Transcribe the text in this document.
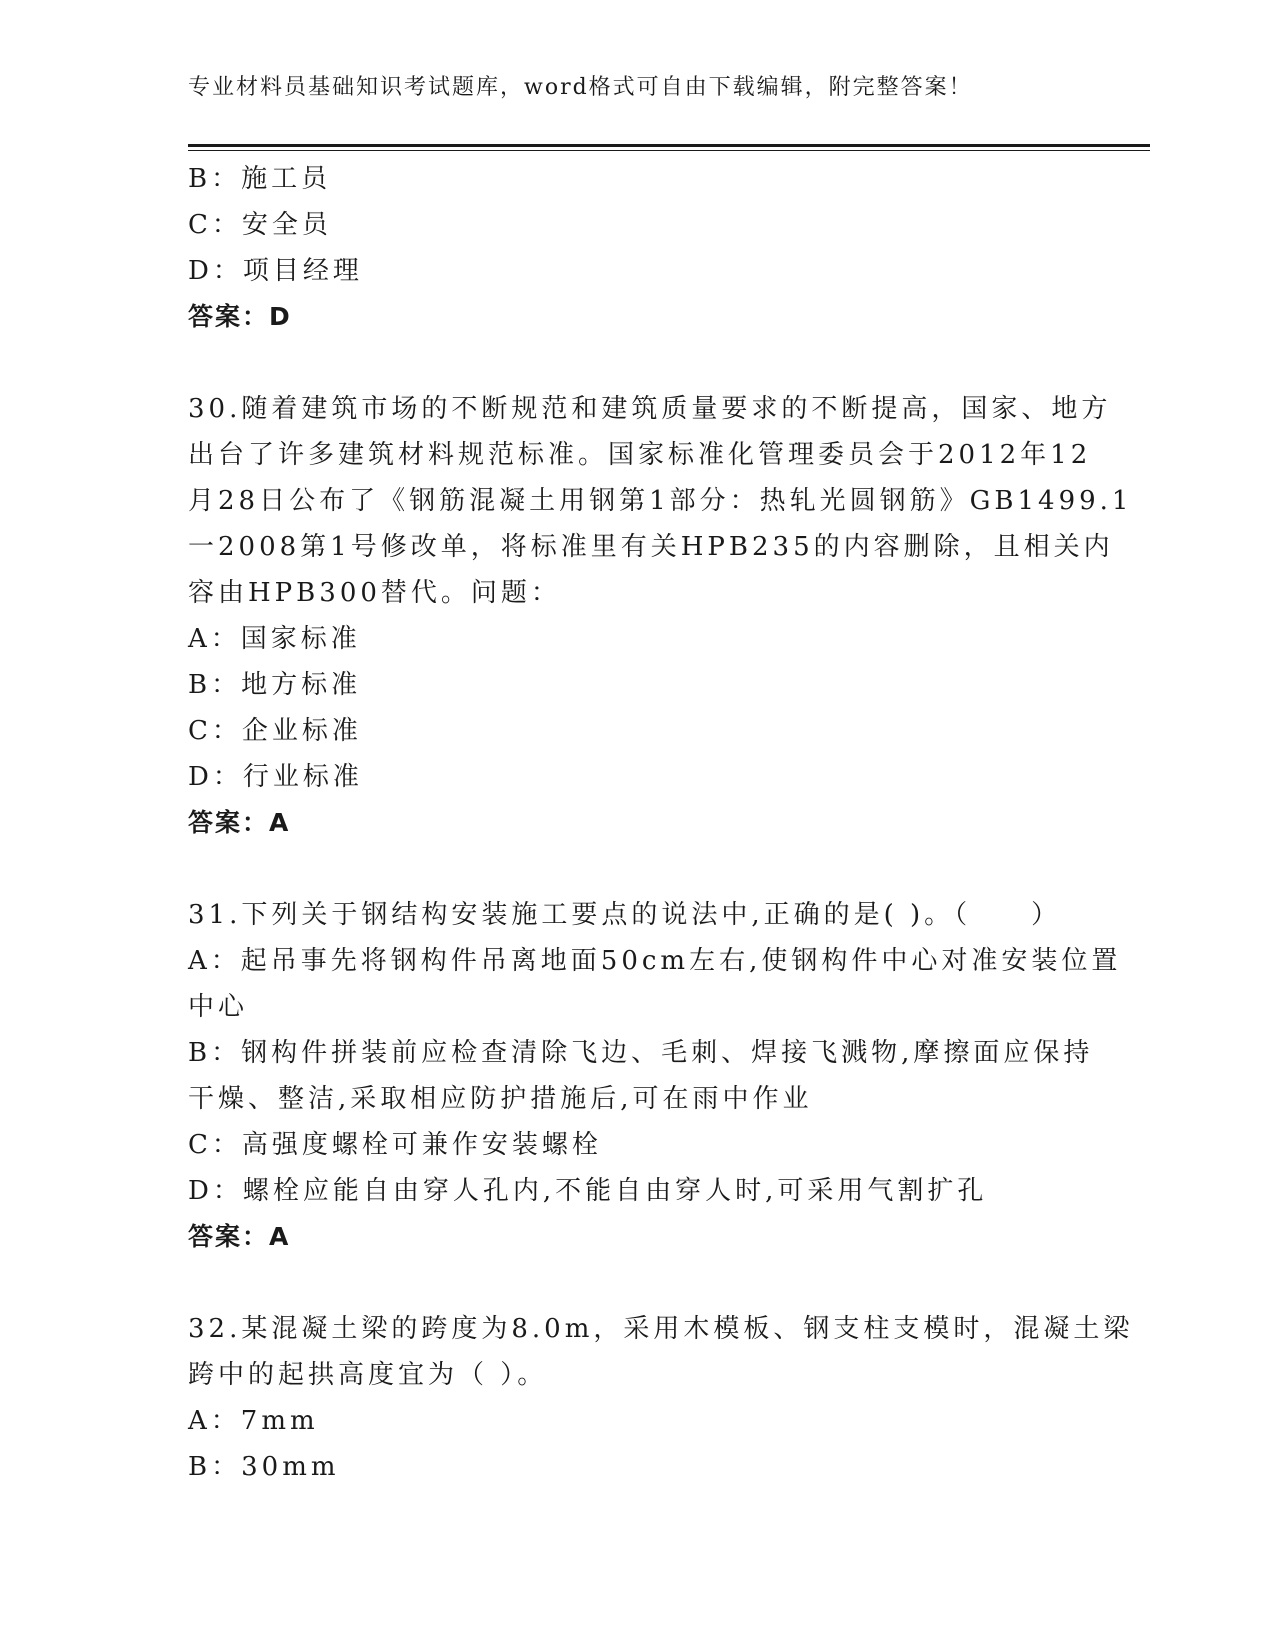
专业材料员基础知识考试题库，word格式可自由下载编辑，附完整答案！
B：施工员
C：安全员
D：项目经理
答案：D
30.随着建筑市场的不断规范和建筑质量要求的不断提高，国家、地方
出台了许多建筑材料规范标准。国家标准化管理委员会于2012年12
月28日公布了《钢筋混凝土用钢第1部分：热轧光圆钢筋》GB1499.1
一2008第1号修改单，将标准里有关HPB235的内容删除，且相关内
容由HPB300替代。问题：
A：国家标准
B：地方标准
C：企业标准
D：行业标准
答案：A
31.下列关于钢结构安装施工要点的说法中,正确的是( )。（　　）
A：起吊事先将钢构件吊离地面50cm左右,使钢构件中心对准安装位置
中心
B：钢构件拼装前应检查清除飞边、毛刺、焊接飞溅物,摩擦面应保持
干燥、整洁,采取相应防护措施后,可在雨中作业
C：高强度螺栓可兼作安装螺栓
D：螺栓应能自由穿人孔内,不能自由穿人时,可采用气割扩孔
答案：A
32.某混凝土梁的跨度为8.0m，采用木模板、钢支柱支模时，混凝土梁
跨中的起拱高度宜为（ ）。
A：7mm
B：30mm
